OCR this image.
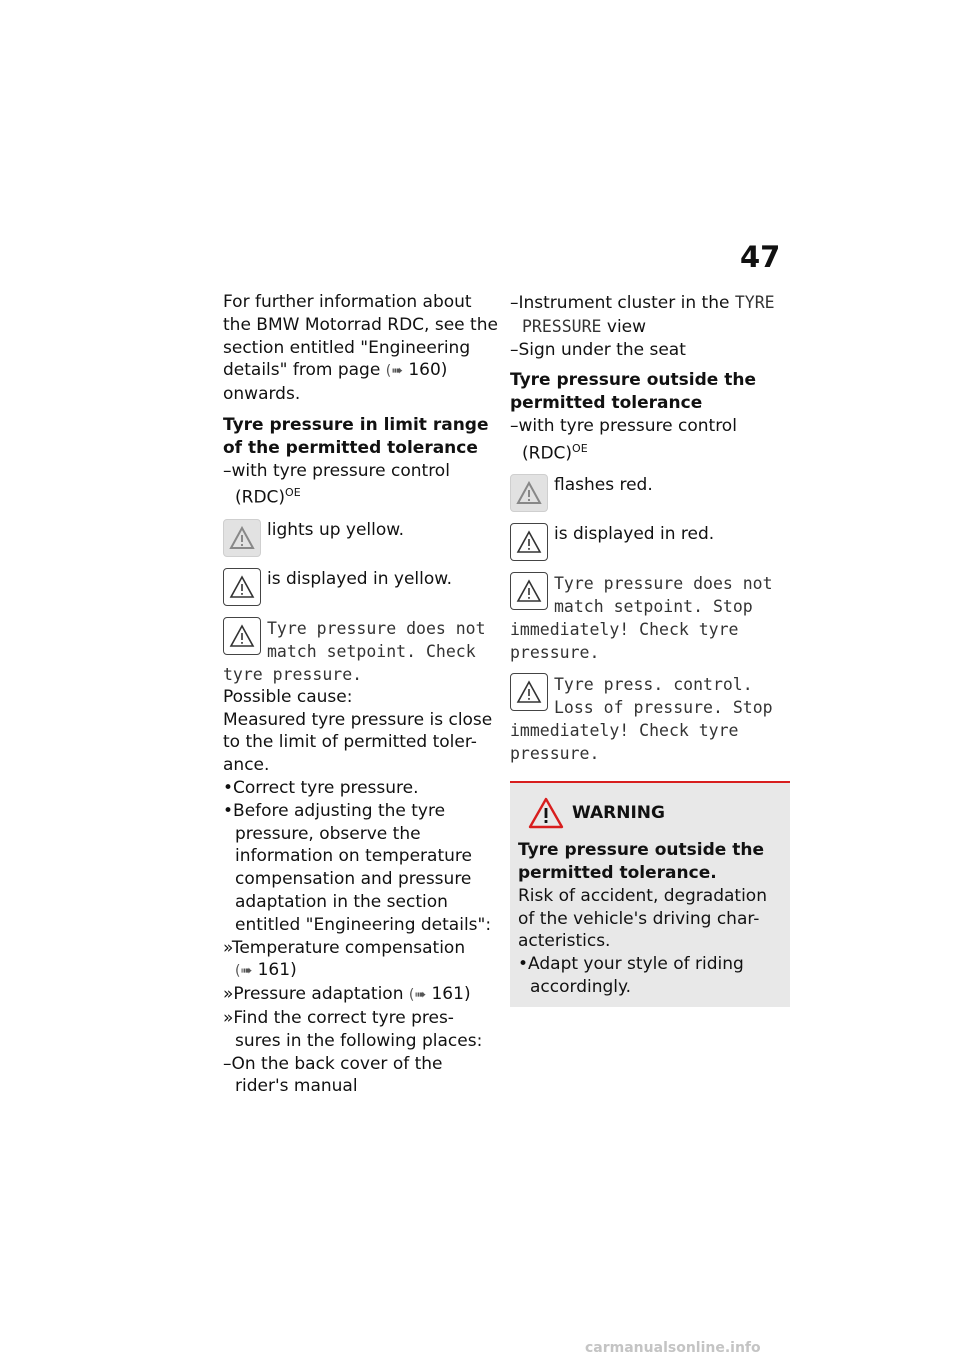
47

For further information about the BMW Motorrad RDC, see the section entitled "Engineering details" from page (➠ 160) onwards.

Tyre pressure in limit range of the permitted tolerance

–with tyre pressure control (RDC)$^{OE}$

lights up yellow.

is displayed in yellow.

Tyre pressure does not match setpoint. Check tyre pressure.

Possible cause:

Measured tyre pressure is close to the limit of permitted toler-ance.

•Correct tyre pressure.

•Before adjusting the tyre pressure, observe the information on temperature compensation and pressure adaptation in the section entitled "Engineering details":

»Temperature compensation
(➠ 161)

»Pressure adaptation (➠ 161)

»Find the correct tyre pres-sures in the following places:

–On the back cover of the rider's manual

–Instrument cluster in the TYRE PRESSURE view

–Sign under the seat

Tyre pressure outside the permitted tolerance

–with tyre pressure control (RDC)$^{OE}$

flashes red.

is displayed in red.

Tyre pressure does not match setpoint. Stop immediately! Check tyre pressure.

Tyre press. control. Loss of pressure. Stop immediately! Check tyre pressure.

WARNING

Tyre pressure outside the permitted tolerance.

Risk of accident, degradation of the vehicle's driving char-acteristics.

•Adapt your style of riding accordingly.

carmanualsonline.info
